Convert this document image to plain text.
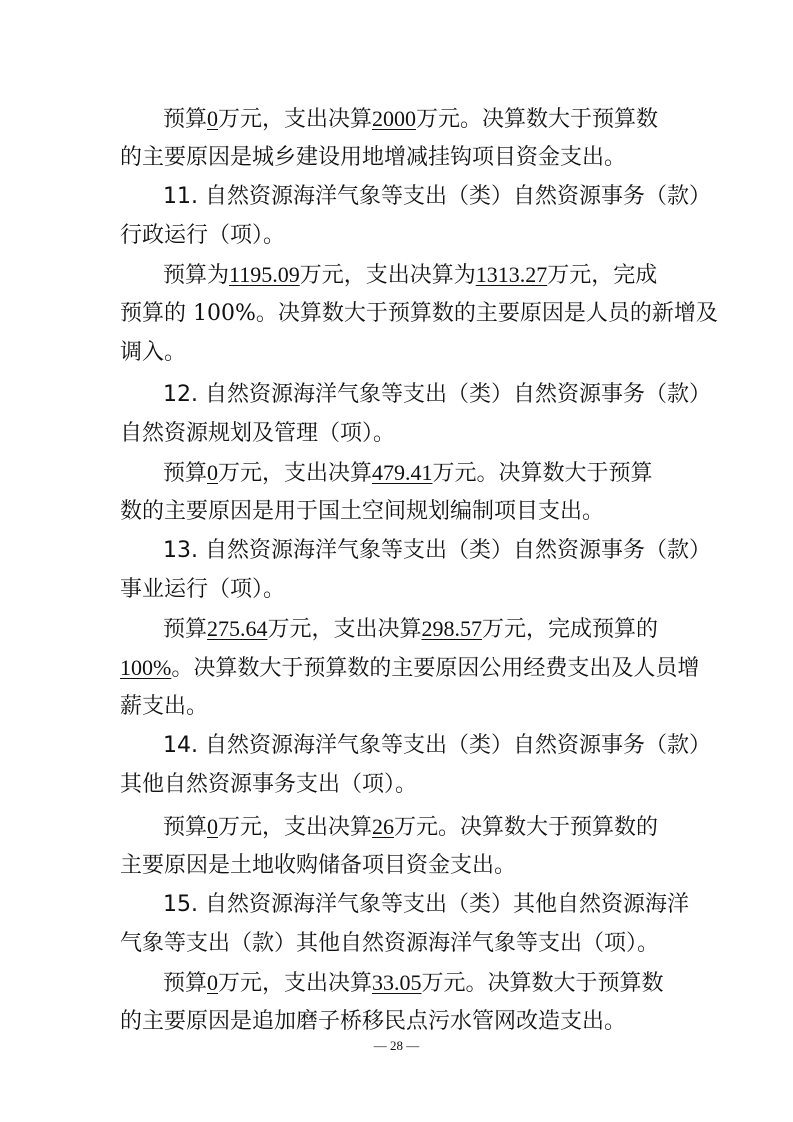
预算0万元，支出决算2000万元。决算数大于预算数
的主要原因是城乡建设用地增减挂钩项目资金支出。
11. 自然资源海洋气象等支出（类）自然资源事务（款）
行政运行（项）。
预算为1195.09万元，支出决算为1313.27万元，完成
预算的 100%。决算数大于预算数的主要原因是人员的新增及
调入。
12. 自然资源海洋气象等支出（类）自然资源事务（款）
自然资源规划及管理（项）。
预算0万元，支出决算479.41万元。决算数大于预算
数的主要原因是用于国土空间规划编制项目支出。
13. 自然资源海洋气象等支出（类）自然资源事务（款）
事业运行（项）。
预算275.64万元，支出决算298.57万元，完成预算的
100%。决算数大于预算数的主要原因公用经费支出及人员增
薪支出。
14. 自然资源海洋气象等支出（类）自然资源事务（款）
其他自然资源事务支出（项）。
预算0万元，支出决算26万元。决算数大于预算数的
主要原因是土地收购储备项目资金支出。
15. 自然资源海洋气象等支出（类）其他自然资源海洋
气象等支出（款）其他自然资源海洋气象等支出（项）。
预算0万元，支出决算33.05万元。决算数大于预算数
的主要原因是追加磨子桥移民点污水管网改造支出。
— 28 —
